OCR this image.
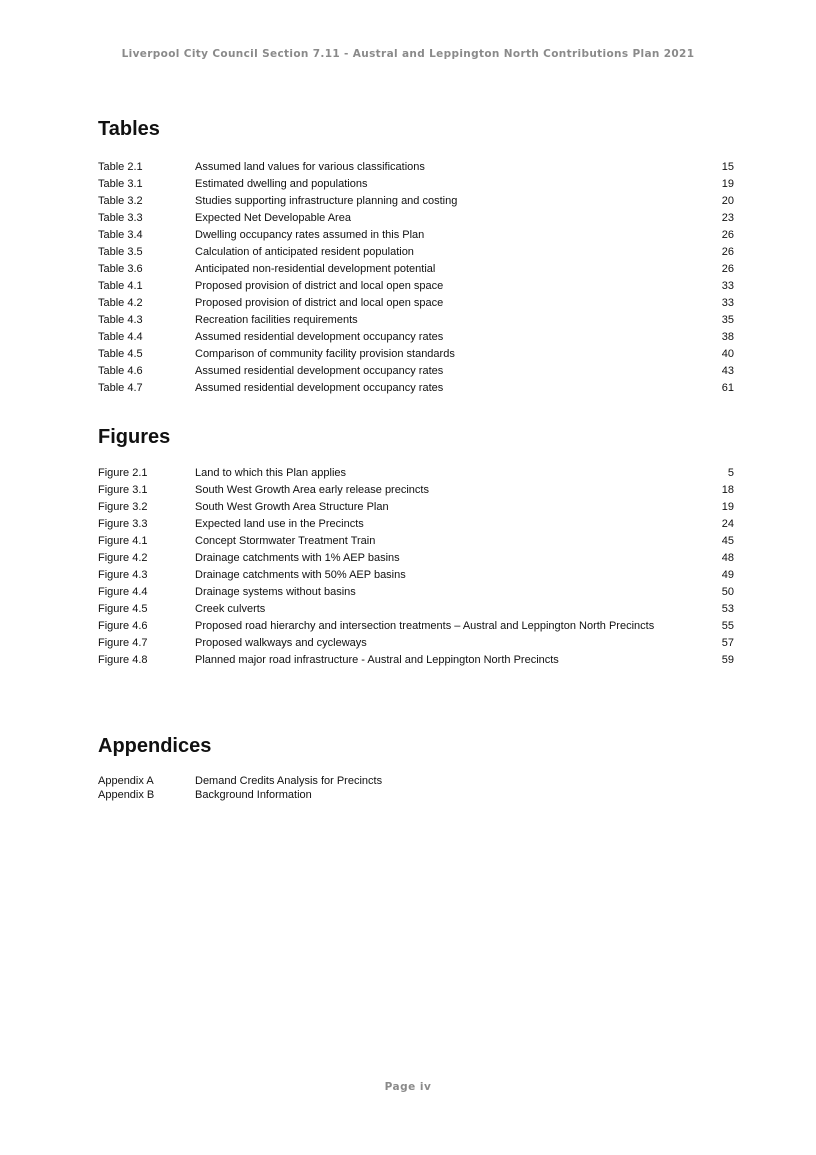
Liverpool City Council Section 7.11 - Austral and Leppington North Contributions Plan 2021
Tables
Table 2.1	Assumed land values for various classifications	15
Table 3.1	Estimated dwelling and populations	19
Table 3.2	Studies supporting infrastructure planning and costing	20
Table 3.3	Expected Net Developable Area	23
Table 3.4	Dwelling occupancy rates assumed in this Plan	26
Table 3.5	Calculation of anticipated resident population	26
Table 3.6	Anticipated non-residential development potential	26
Table 4.1	Proposed provision of district and local open space	33
Table 4.2	Proposed provision of district and local open space	33
Table 4.3	Recreation facilities requirements	35
Table 4.4	Assumed residential development occupancy rates	38
Table 4.5	Comparison of community facility provision standards	40
Table 4.6	Assumed residential development occupancy rates	43
Table 4.7	Assumed residential development occupancy rates	61
Figures
Figure 2.1	Land to which this Plan applies	5
Figure 3.1	South West Growth Area early release precincts	18
Figure 3.2	South West Growth Area Structure Plan	19
Figure 3.3	Expected land use in the Precincts	24
Figure 4.1	Concept Stormwater Treatment Train	45
Figure 4.2	Drainage catchments with 1% AEP basins	48
Figure 4.3	Drainage catchments with 50% AEP basins	49
Figure 4.4	Drainage systems without basins	50
Figure 4.5	Creek culverts	53
Figure 4.6	Proposed road hierarchy and intersection treatments – Austral and Leppington North Precincts	55
Figure 4.7	Proposed walkways and cycleways	57
Figure 4.8	Planned major road infrastructure - Austral and Leppington North Precincts	59
Appendices
Appendix A	Demand Credits Analysis for Precincts
Appendix B	Background Information
Page iv
